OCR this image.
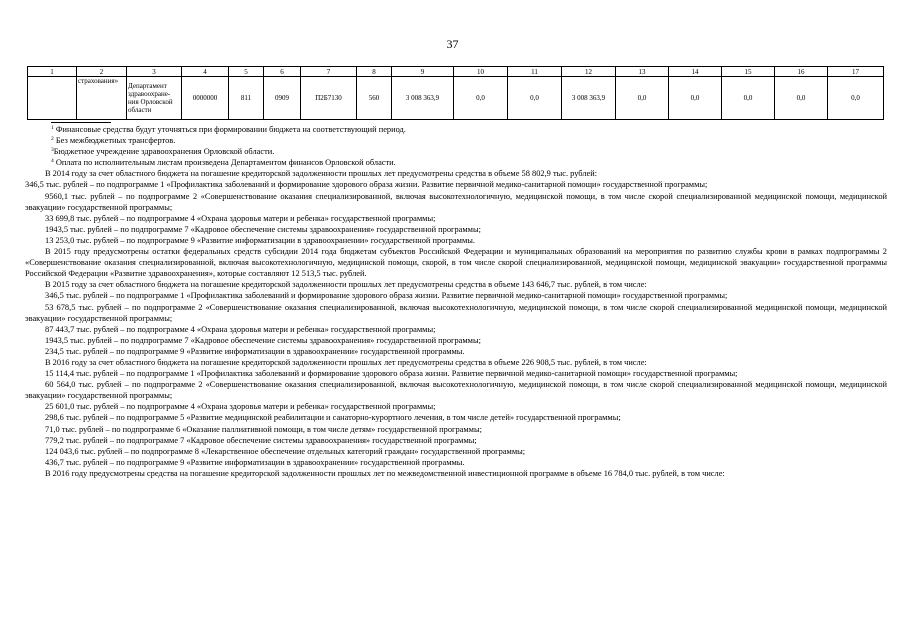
37
1	2	3	4	5	6	7	8	9	10	11	12	13	14	15	16	17
	страхования»	Департамент здравоохране-ния Орловской области	0000000	811	0909	П2Б7130	560	3 008 363,9	0,0	0,0	3 008 363,9	0,0	0,0	0,0	0,0	0,0
$^1$ Финансовые средства будут уточняться при формировании бюджета на соответствующий период.
$^2$ Без межбюджетных трансфертов.
$^3$Бюджетное учреждение здравоохранения Орловской области.
$^4$ Оплата по исполнительным листам произведена Департаментом финансов Орловской области.

В 2014 году за счет областного бюджета на погашение кредиторской задолженности прошлых лет предусмотрены средства в объеме 58 802,9 тыс. рублей:

346,5 тыс. рублей – по подпрограмме 1 «Профилактика заболеваний и формирование здорового образа жизни. Развитие первичной медико-санитарной помощи» государственной программы;

9560,1 тыс. рублей – по подпрограмме 2 «Совершенствование оказания специализированной, включая высокотехнологичную, медицинской помощи, в том числе скорой специализированной медицинской помощи, медицинской эвакуации» государственной программы;

33 699,8 тыс. рублей – по подпрограмме 4 «Охрана здоровья матери и ребенка» государственной программы;

1943,5 тыс. рублей – по подпрограмме 7 «Кадровое обеспечение системы здравоохранения» государственной программы;

13 253,0 тыс. рублей – по подпрограмме 9 «Развитие информатизации в здравоохранении» государственной программы.

В 2015 году предусмотрены остатки федеральных средств субсидии 2014 года бюджетам субъектов Российской Федерации и муниципальных образований на мероприятия по развитию службы крови в рамках подпрограммы 2 «Совершенствование оказания специализированной, включая высокотехнологичную, медицинской помощи, скорой, в том числе скорой специализированной, медицинской помощи, медицинской эвакуации» государственной программы Российской Федерации «Развитие здравоохранения», которые составляют 12 513,5 тыс. рублей.

В 2015 году за счет областного бюджета на погашение кредиторской задолженности прошлых лет предусмотрены средства в объеме 143 646,7 тыс. рублей, в том числе:

346,5 тыс. рублей – по подпрограмме 1 «Профилактика заболеваний и формирование здорового образа жизни. Развитие первичной медико-санитарной помощи» государственной программы;

53 678,5 тыс. рублей – по подпрограмме 2 «Совершенствование оказания специализированной, включая высокотехнологичную, медицинской помощи, в том числе скорой специализированной медицинской помощи, медицинской эвакуации» государственной программы;

87 443,7 тыс. рублей – по подпрограмме 4 «Охрана здоровья матери и ребенка» государственной программы;

1943,5 тыс. рублей – по подпрограмме 7 «Кадровое обеспечение системы здравоохранения» государственной программы;

234,5 тыс. рублей – по подпрограмме 9 «Развитие информатизации в здравоохранении» государственной программы.

В 2016 году за счет областного бюджета на погашение кредиторской задолженности прошлых лет предусмотрены средства в объеме 226 908,5 тыс. рублей, в том числе:

15 114,4 тыс. рублей – по подпрограмме 1 «Профилактика заболеваний и формирование здорового образа жизни. Развитие первичной медико-санитарной помощи» государственной программы;

60 564,0 тыс. рублей – по подпрограмме 2 «Совершенствование оказания специализированной, включая высокотехнологичную, медицинской помощи, в том числе скорой специализированной медицинской помощи, медицинской эвакуации» государственной программы;

25 601,0 тыс. рублей – по подпрограмме 4 «Охрана здоровья матери и ребенка» государственной программы;

298,6 тыс. рублей – по подпрограмме 5 «Развитие медицинской реабилитации и санаторно-курортного лечения, в том числе детей» государственной программы;

71,0 тыс. рублей – по подпрограмме 6 «Оказание паллиативной помощи, в том числе детям» государственной программы;

779,2 тыс. рублей – по подпрограмме 7 «Кадровое обеспечение системы здравоохранения» государственной программы;

124 043,6 тыс. рублей – по подпрограмме 8 «Лекарственное обеспечение отдельных категорий граждан» государственной программы;

436,7 тыс. рублей – по подпрограмме 9 «Развитие информатизации в здравоохранении» государственной программы.

В 2016 году предусмотрены средства на погашение кредиторской задолженности прошлых лет по межведомственной инвестиционной программе в объеме 16 784,0 тыс. рублей, в том числе:
